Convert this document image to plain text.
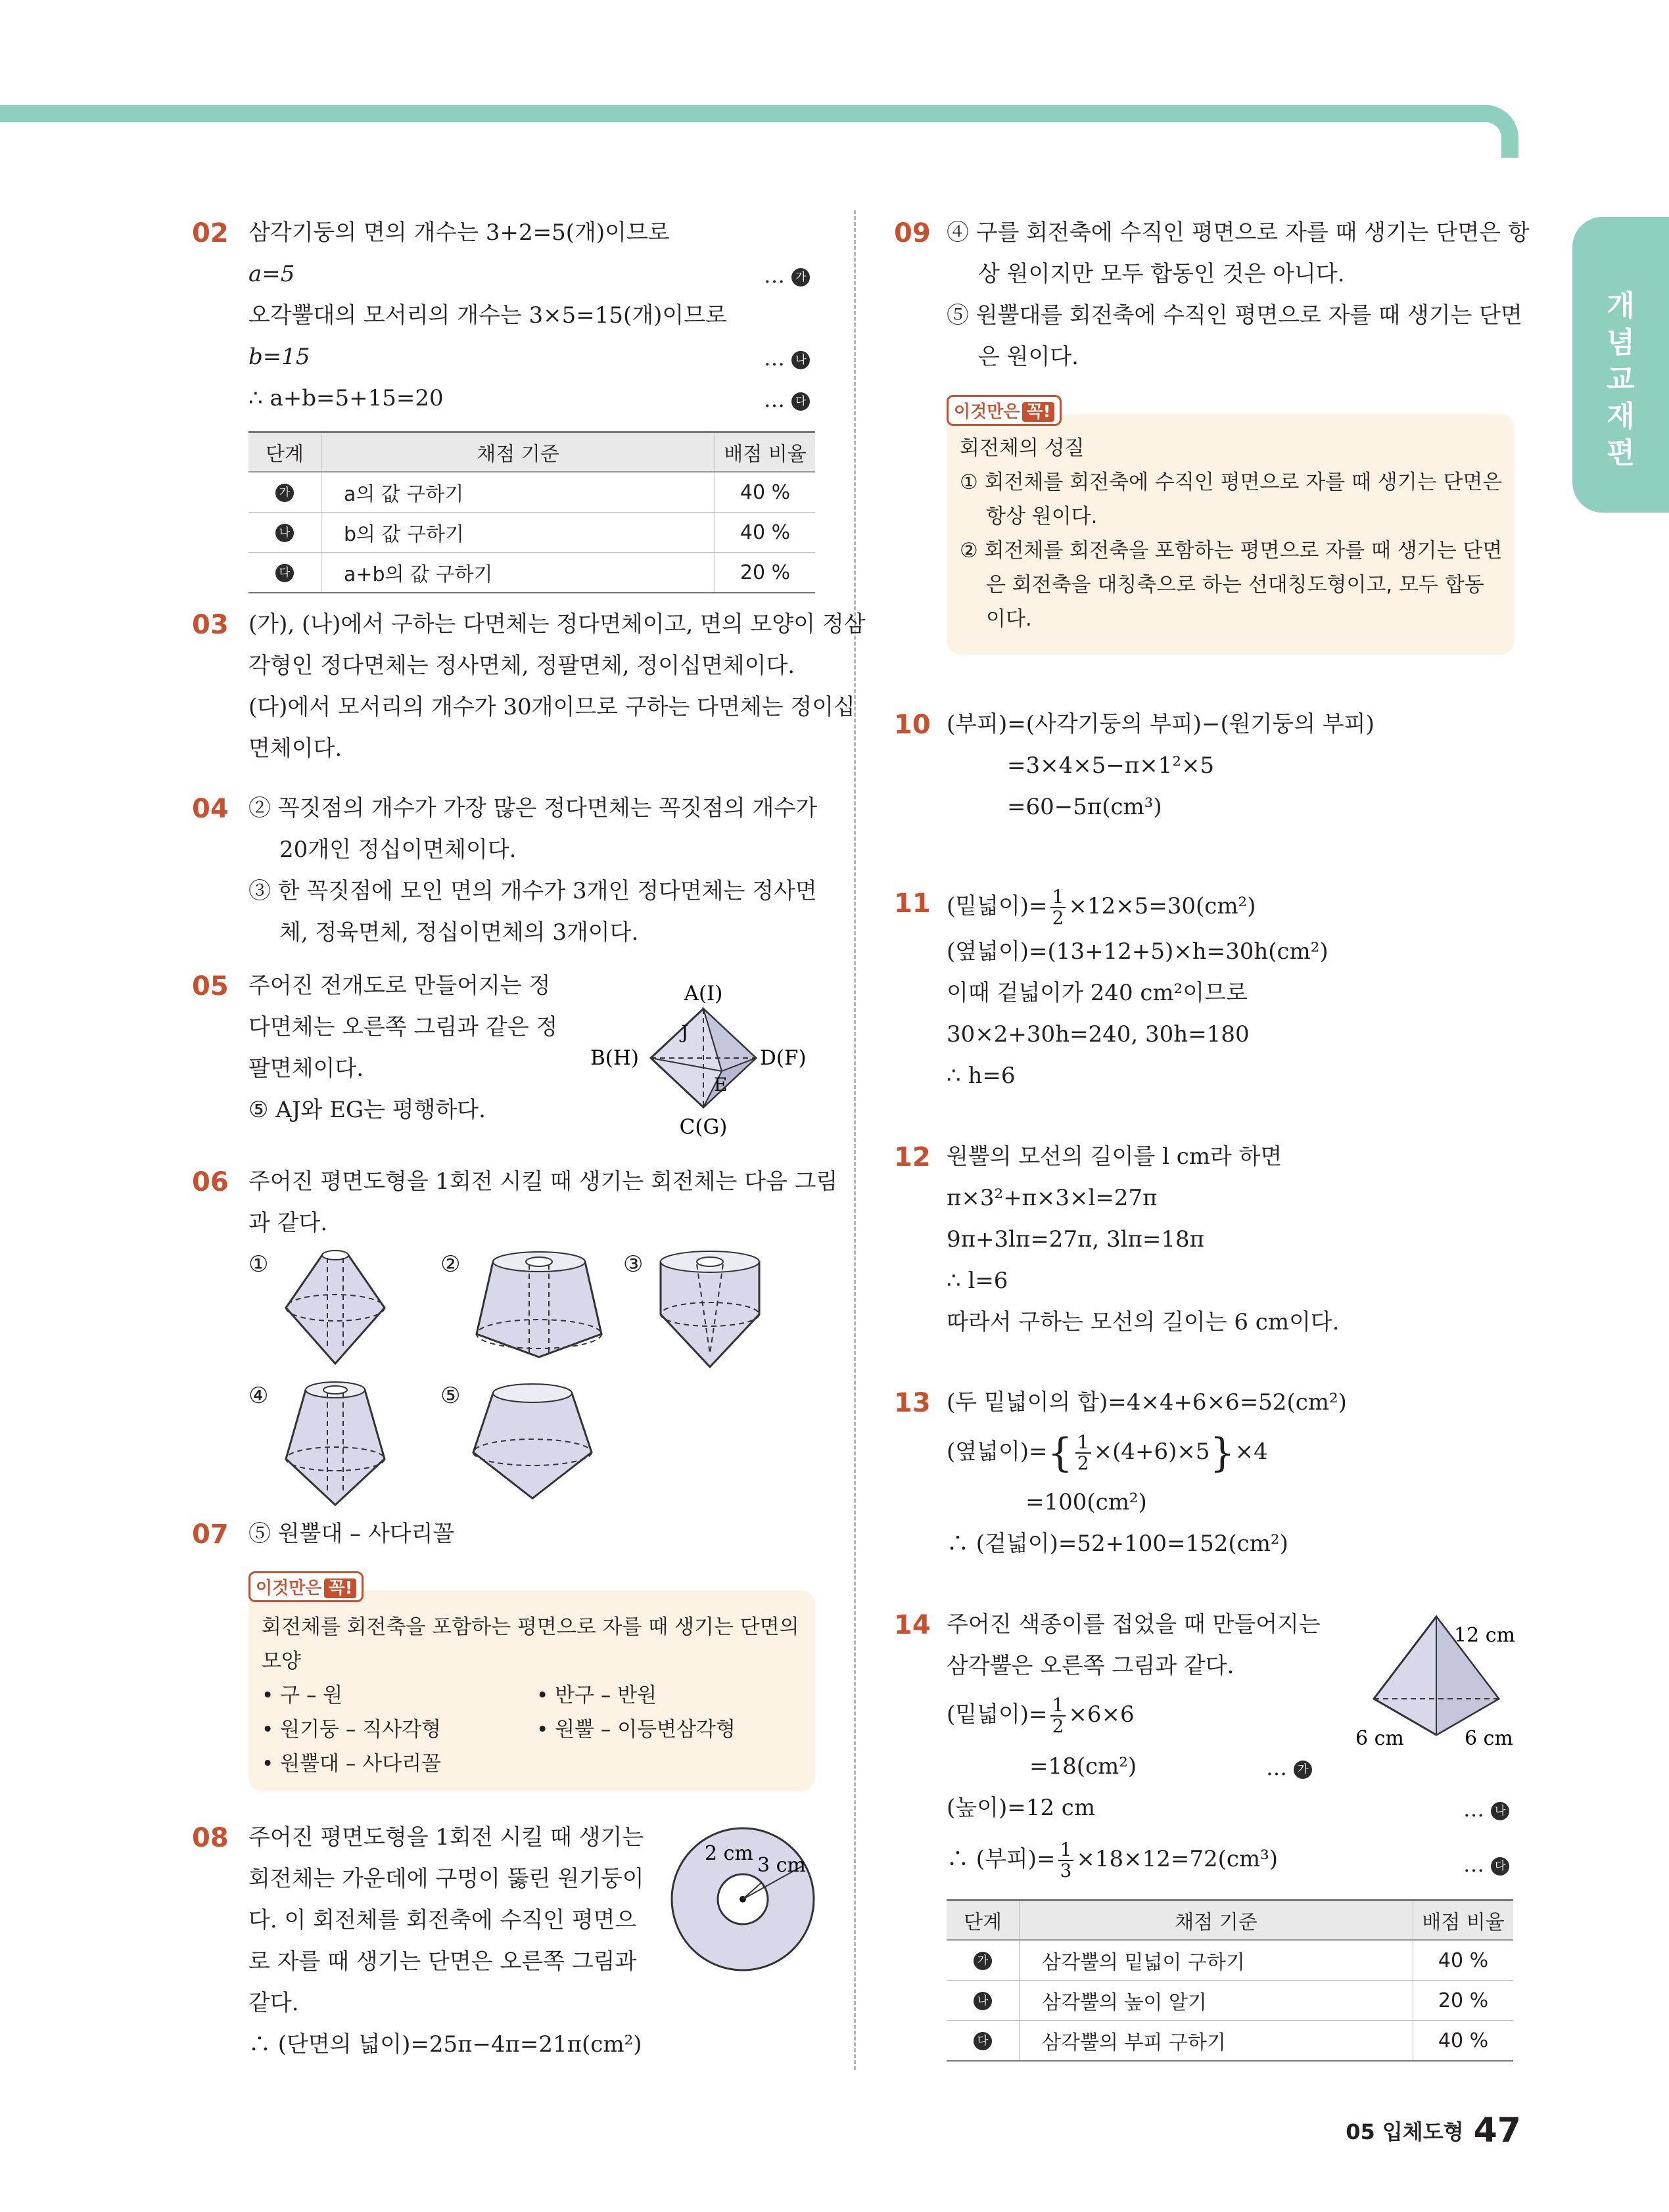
개념교재편
02 삼각기둥의 면의 개수는 3+2=5(개)이므로
a=5	… 가
오각뿔대의 모서리의 개수는 3×5=15(개)이므로
b=15	… 나
∴ a+b=5+15=20	… 다
단계	채점 기준	배점 비율
가	a의 값 구하기	40 %
나	b의 값 구하기	40 %
다	a+b의 값 구하기	20 %
03 (가), (나)에서 구하는 다면체는 정다면체이고, 면의 모양이 정삼
각형인 정다면체는 정사면체, 정팔면체, 정이십면체이다.
(다)에서 모서리의 개수가 30개이므로 구하는 다면체는 정이십
면체이다.
04 ② 꼭짓점의 개수가 가장 많은 정다면체는 꼭짓점의 개수가
20개인 정십이면체이다.
③ 한 꼭짓점에 모인 면의 개수가 3개인 정다면체는 정사면
체, 정육면체, 정십이면체의 3개이다.
05 주어진 전개도로 만들어지는 정
다면체는 오른쪽 그림과 같은 정
팔면체이다.
⑤ AJ와 EG는 평행하다.
A(I)
B(H)	D(F)
C(G)
J
E
06 주어진 평면도형을 1회전 시킬 때 생기는 회전체는 다음 그림
과 같다.
①	②	③
④	⑤
07 ⑤ 원뿔대 – 사다리꼴
이것만은 꼭!
회전체를 회전축을 포함하는 평면으로 자를 때 생기는 단면의
모양
• 구 – 원	• 반구 – 반원
• 원기둥 – 직사각형	• 원뿔 – 이등변삼각형
• 원뿔대 – 사다리꼴
08 주어진 평면도형을 1회전 시킬 때 생기는
회전체는 가운데에 구멍이 뚫린 원기둥이
다. 이 회전체를 회전축에 수직인 평면으
로 자를 때 생기는 단면은 오른쪽 그림과
같다.
∴ (단면의 넓이)=25π−4π=21π(cm²)
2 cm
3 cm
09 ④ 구를 회전축에 수직인 평면으로 자를 때 생기는 단면은 항
상 원이지만 모두 합동인 것은 아니다.
⑤ 원뿔대를 회전축에 수직인 평면으로 자를 때 생기는 단면
은 원이다.
이것만은 꼭!
회전체의 성질
① 회전체를 회전축에 수직인 평면으로 자를 때 생기는 단면은
항상 원이다.
② 회전체를 회전축을 포함하는 평면으로 자를 때 생기는 단면
은 회전축을 대칭축으로 하는 선대칭도형이고, 모두 합동
이다.
10 (부피)=(사각기둥의 부피)−(원기둥의 부피)
=3×4×5−π×1²×5
=60−5π(cm³)
11 (밑넓이)= $\frac{1}{2} \times 12\times 5=30(cm^2)$
(옆넓이)=(13+12+5)×h=30h(cm²)
이때 겉넓이가 240 cm²이므로
30×2+30h=240, 30h=180
∴ h=6
12 원뿔의 모선의 길이를 l cm라 하면
π×3²+π×3×l=27π
9π+3lπ=27π, 3lπ=18π
∴ l=6
따라서 구하는 모선의 길이는 6 cm이다.
13 (두 밑넓이의 합)=4×4+6×6=52(cm²)
(옆넓이)={ $\frac{1}{2} \times(4+6)\times 5\}\times 4$
=100(cm²)
∴ (겉넓이)=52+100=152(cm²)
14 주어진 색종이를 접었을 때 만들어지는
삼각뿔은 오른쪽 그림과 같다.
(밑넓이)= $\frac{1}{2} \times 6\times 6$
=18(cm²)	… 가
(높이)=12 cm	… 나
∴ (부피)= $\frac{1}{3} \times 18\times 12=72(cm^3)$	… 다
12 cm
6 cm	6 cm
단계	채점 기준	배점 비율
가	삼각뿔의 밑넓이 구하기	40 %
나	삼각뿔의 높이 알기	20 %
다	삼각뿔의 부피 구하기	40 %
05 입체도형 47
